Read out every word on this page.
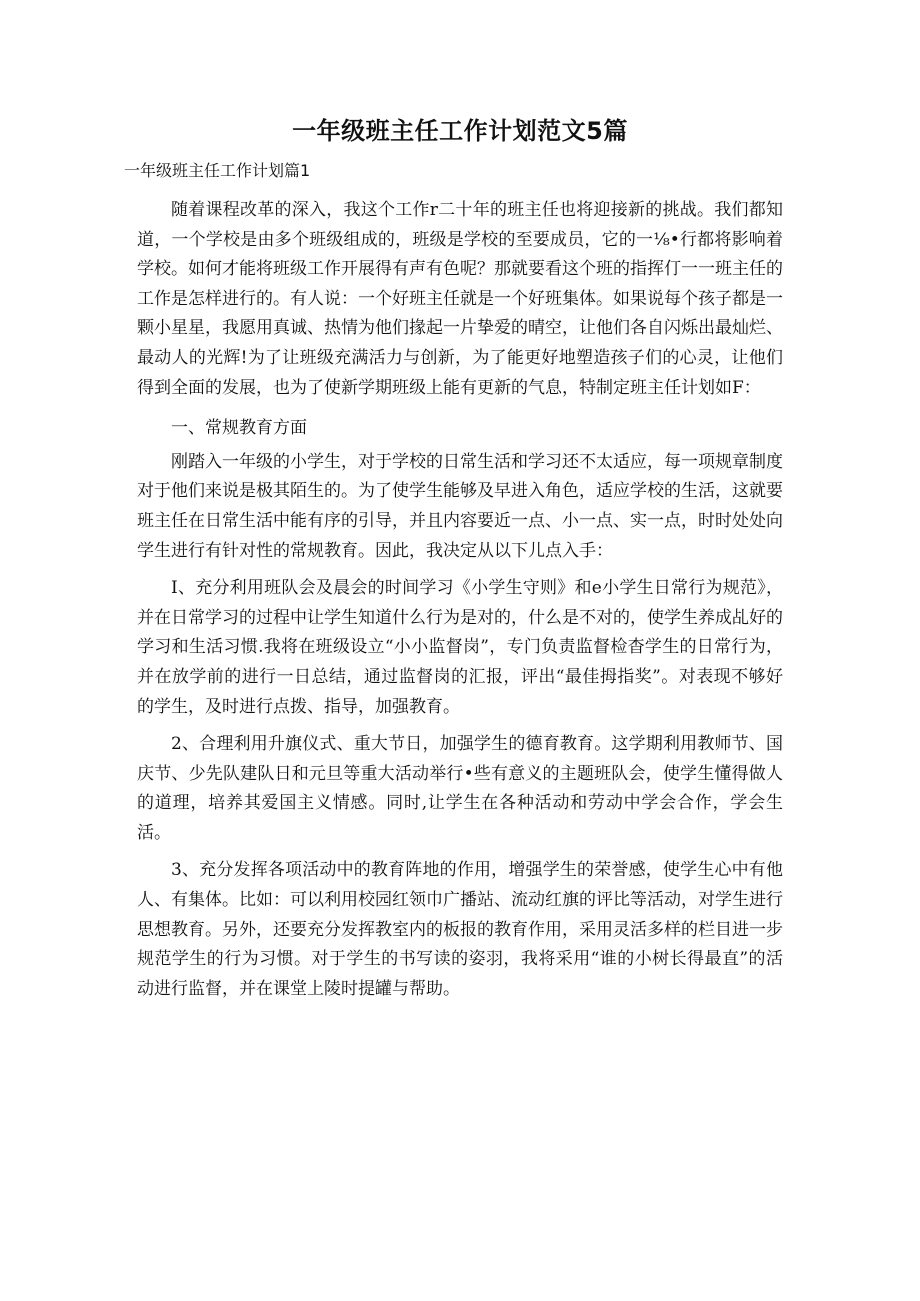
一年级班主任工作计划范文5篇

一年级班主任工作计划篇1

随着课程改革的深入，我这个工作r二十年的班主任也将迎接新的挑战。我们都知道，一个学校是由多个班级组成的，班级是学校的至要成员，它的一⅛•行都将影响着学校。如何才能将班级工作开展得有声有色呢？那就要看这个班的指挥仃一一班主任的工作是怎样进行的。有人说：一个好班主任就是一个好班集体。如果说每个孩子都是一颗小星星，我愿用真诚、热情为他们掾起一片挚爱的晴空，让他们各自闪烁出最灿烂、最动人的光辉!为了让班级充满活力与创新，为了能更好地塑造孩子们的心灵，让他们得到全面的发展，也为了使新学期班级上能有更新的气息，特制定班主任计划如F：

一、常规教育方面

刚踏入一年级的小学生，对于学校的日常生活和学习还不太适应，每一项规章制度对于他们来说是极其陌生的。为了使学生能够及早进入角色，适应学校的生活，这就要班主任在日常生活中能有序的引导，并且内容要近一点、小一点、实一点，时时处处向学生进行有针对性的常规教育。因此，我决定从以下儿点入手：

I、充分利用班队会及晨会的时间学习《小学生守则》和e小学生日常行为规范》，并在日常学习的过程中让学生知道什么行为是对的，什么是不对的，使学生养成乩好的学习和生活习惯.我将在班级设立“小小监督岗”，专门负责监督检杳学生的日常行为，并在放学前的进行一日总结，通过监督岗的汇报，评出“最佳拇指奖”。对表现不够好的学生，及时进行点拨、指导，加强教育。

2、合理利用升旗仪式、重大节日，加强学生的德育教育。这学期利用教师节、国庆节、少先队建队日和元旦等重大活动举行•些有意义的主题班队会，使学生懂得做人的道理，培养其爱国主义情感。同时,让学生在各种活动和劳动中学会合作，学会生活。

3、充分发挥各项活动中的教育阵地的作用，增强学生的荣誉感，使学生心中有他人、有集体。比如：可以利用校园红领巾广播站、流动红旗的评比等活动，对学生进行思想教育。另外，还要充分发挥教室内的板报的教育作用，采用灵活多样的栏目进一步规范学生的行为习惯。对于学生的书写读的姿羽，我将采用“谁的小树长得最直”的活动进行监督，并在课堂上陵时提罐与帮助。
